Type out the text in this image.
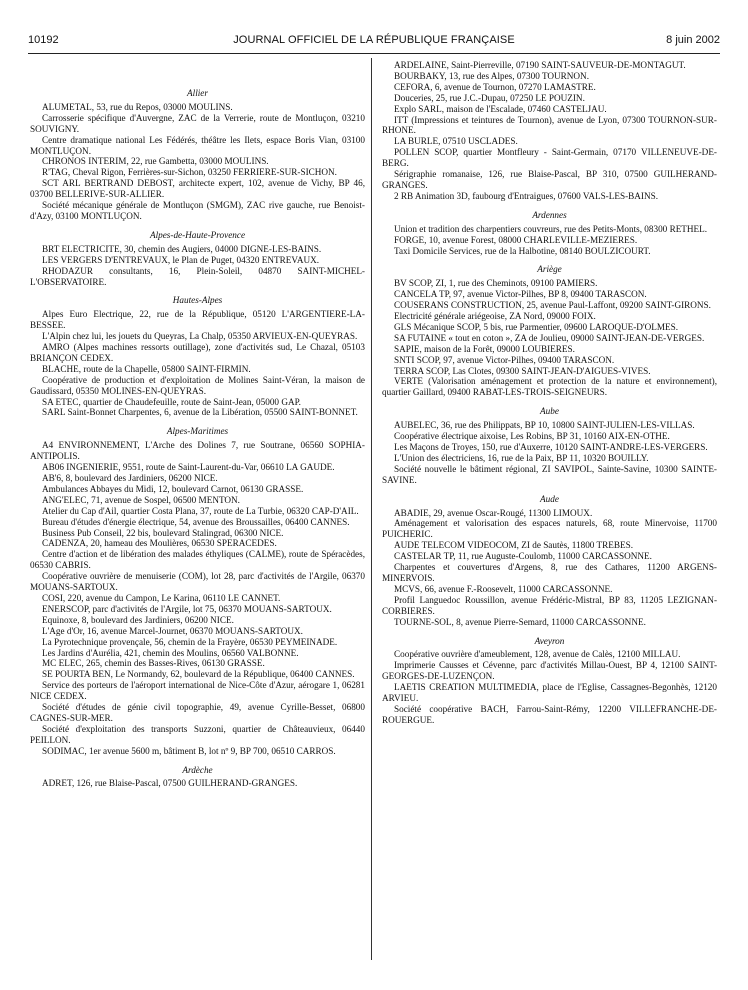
10192	JOURNAL OFFICIEL DE LA RÉPUBLIQUE FRANÇAISE	8 juin 2002
Allier

ALUMETAL, 53, rue du Repos, 03000 MOULINS.

Carrosserie spécifique d'Auvergne, ZAC de la Verrerie, route de Montluçon, 03210 SOUVIGNY.

Centre dramatique national Les Fédérés, théâtre les Ilets, espace Boris Vian, 03100 MONTLUÇON.

CHRONOS INTERIM, 22, rue Gambetta, 03000 MOULINS.

R'TAG, Cheval Rigon, Ferrières-sur-Sichon, 03250 FERRIERE-SUR-SICHON.

SCT ARL BERTRAND DEBOST, architecte expert, 102, avenue de Vichy, BP 46, 03700 BELLERIVE-SUR-ALLIER.

Société mécanique générale de Montluçon (SMGM), ZAC rive gauche, rue Benoist-d'Azy, 03100 MONTLUÇON.

Alpes-de-Haute-Provence

BRT ELECTRICITE, 30, chemin des Augiers, 04000 DIGNE-LES-BAINS.

LES VERGERS D'ENTREVAUX, le Plan de Puget, 04320 ENTREVAUX.

RHODAZUR consultants, 16, Plein-Soleil, 04870 SAINT-MICHEL-L'OBSERVATOIRE.

Hautes-Alpes

Alpes Euro Electrique, 22, rue de la République, 05120 L'ARGENTIERE-LA-BESSEE.

L'Alpin chez lui, les jouets du Queyras, La Chalp, 05350 ARVIEUX-EN-QUEYRAS.

AMRO (Alpes machines ressorts outillage), zone d'activités sud, Le Chazal, 05103 BRIANÇON CEDEX.

BLACHE, route de la Chapelle, 05800 SAINT-FIRMIN.

Coopérative de production et d'exploitation de Molines Saint-Véran, la maison de Gaudissard, 05350 MOLINES-EN-QUEYRAS.

SA ETEC, quartier de Chaudefeuille, route de Saint-Jean, 05000 GAP.

SARL Saint-Bonnet Charpentes, 6, avenue de la Libération, 05500 SAINT-BONNET.

Alpes-Maritimes

A4 ENVIRONNEMENT, L'Arche des Dolines 7, rue Soutrane, 06560 SOPHIA-ANTIPOLIS.

AB06 INGENIERIE, 9551, route de Saint-Laurent-du-Var, 06610 LA GAUDE.

AB'6, 8, boulevard des Jardiniers, 06200 NICE.

Ambulances Abbayes du Midi, 12, boulevard Carnot, 06130 GRASSE.

ANG'ELEC, 71, avenue de Sospel, 06500 MENTON.

Atelier du Cap d'Ail, quartier Costa Plana, 37, route de La Turbie, 06320 CAP-D'AIL.

Bureau d'études d'énergie électrique, 54, avenue des Broussailles, 06400 CANNES.

Business Pub Conseil, 22 bis, boulevard Stalingrad, 06300 NICE.

CADENZA, 20, hameau des Moulières, 06530 SPERACEDES.

Centre d'action et de libération des malades éthyliques (CALME), route de Spéracèdes, 06530 CABRIS.

Coopérative ouvrière de menuiserie (COM), lot 28, parc d'activités de l'Argile, 06370 MOUANS-SARTOUX.

COSI, 220, avenue du Campon, Le Karina, 06110 LE CANNET.

ENERSCOP, parc d'activités de l'Argile, lot 75, 06370 MOUANS-SARTOUX.

Equinoxe, 8, boulevard des Jardiniers, 06200 NICE.

L'Age d'Or, 16, avenue Marcel-Journet, 06370 MOUANS-SARTOUX.

La Pyrotechnique provençale, 56, chemin de la Frayère, 06530 PEYMEINADE.

Les Jardins d'Aurélia, 421, chemin des Moulins, 06560 VALBONNE.

MC ELEC, 265, chemin des Basses-Rives, 06130 GRASSE.

SE POURTA BEN, Le Normandy, 62, boulevard de la République, 06400 CANNES.

Service des porteurs de l'aéroport international de Nice-Côte d'Azur, aérogare 1, 06281 NICE CEDEX.

Société d'études de génie civil topographie, 49, avenue Cyrille-Besset, 06800 CAGNES-SUR-MER.

Société d'exploitation des transports Suzzoni, quartier de Châteauvieux, 06440 PEILLON.

SODIMAC, 1er avenue 5600 m, bâtiment B, lot nº 9, BP 700, 06510 CARROS.

Ardèche

ADRET, 126, rue Blaise-Pascal, 07500 GUILHERAND-GRANGES.

ARDELAINE, Saint-Pierreville, 07190 SAINT-SAUVEUR-DE-MONTAGUT.

BOURBAKY, 13, rue des Alpes, 07300 TOURNON.

CEFORA, 6, avenue de Tournon, 07270 LAMASTRE.

Douceries, 25, rue J.C.-Dupau, 07250 LE POUZIN.

Explo SARL, maison de l'Escalade, 07460 CASTELJAU.

ITT (Impressions et teintures de Tournon), avenue de Lyon, 07300 TOURNON-SUR-RHONE.

LA BURLE, 07510 USCLADES.

POLLEN SCOP, quartier Montfleury - Saint-Germain, 07170 VILLENEUVE-DE-BERG.

Sérigraphie romanaise, 126, rue Blaise-Pascal, BP 310, 07500 GUILHERAND-GRANGES.

2 RB Animation 3D, faubourg d'Entraigues, 07600 VALS-LES-BAINS.

Ardennes

Union et tradition des charpentiers couvreurs, rue des Petits-Monts, 08300 RETHEL.

FORGE, 10, avenue Forest, 08000 CHARLEVILLE-MEZIERES.

Taxi Domicile Services, rue de la Halbotine, 08140 BOULZICOURT.

Ariège

BV SCOP, ZI, 1, rue des Cheminots, 09100 PAMIERS.

CANCELA TP, 97, avenue Victor-Pilhes, BP 8, 09400 TARASCON.

COUSERANS CONSTRUCTION, 25, avenue Paul-Laffont, 09200 SAINT-GIRONS.

Electricité générale ariégeoise, ZA Nord, 09000 FOIX.

GLS Mécanique SCOP, 5 bis, rue Parmentier, 09600 LAROQUE-D'OLMES.

SA FUTAINE « tout en coton », ZA de Joulieu, 09000 SAINT-JEAN-DE-VERGES.

SAPIE, maison de la Forêt, 09000 LOUBIERES.

SNTI SCOP, 97, avenue Victor-Pilhes, 09400 TARASCON.

TERRA SCOP, Las Clotes, 09300 SAINT-JEAN-D'AIGUES-VIVES.

VERTE (Valorisation aménagement et protection de la nature et environnement), quartier Gaillard, 09400 RABAT-LES-TROIS-SEIGNEURS.

Aube

AUBELEC, 36, rue des Philippats, BP 10, 10800 SAINT-JULIEN-LES-VILLAS.

Coopérative électrique aixoise, Les Robins, BP 31, 10160 AIX-EN-OTHE.

Les Maçons de Troyes, 150, rue d'Auxerre, 10120 SAINT-ANDRE-LES-VERGERS.

L'Union des électriciens, 16, rue de la Paix, BP 11, 10320 BOUILLY.

Société nouvelle le bâtiment régional, ZI SAVIPOL, Sainte-Savine, 10300 SAINTE-SAVINE.

Aude

ABADIE, 29, avenue Oscar-Rougé, 11300 LIMOUX.

Aménagement et valorisation des espaces naturels, 68, route Minervoise, 11700 PUICHERIC.

AUDE TELECOM VIDEOCOM, ZI de Sautès, 11800 TREBES.

CASTELAR TP, 11, rue Auguste-Coulomb, 11000 CARCASSONNE.

Charpentes et couvertures d'Argens, 8, rue des Cathares, 11200 ARGENS-MINERVOIS.

MCVS, 66, avenue F.-Roosevelt, 11000 CARCASSONNE.

Profil Languedoc Roussillon, avenue Frédéric-Mistral, BP 83, 11205 LEZIGNAN-CORBIERES.

TOURNE-SOL, 8, avenue Pierre-Semard, 11000 CARCASSONNE.

Aveyron

Coopérative ouvrière d'ameublement, 128, avenue de Calès, 12100 MILLAU.

Imprimerie Causses et Cévenne, parc d'activités Millau-Ouest, BP 4, 12100 SAINT-GEORGES-DE-LUZENÇON.

LAETIS CREATION MULTIMEDIA, place de l'Eglise, Cassagnes-Begonhès, 12120 ARVIEU.

Société coopérative BACH, Farrou-Saint-Rémy, 12200 VILLEFRANCHE-DE-ROUERGUE.
